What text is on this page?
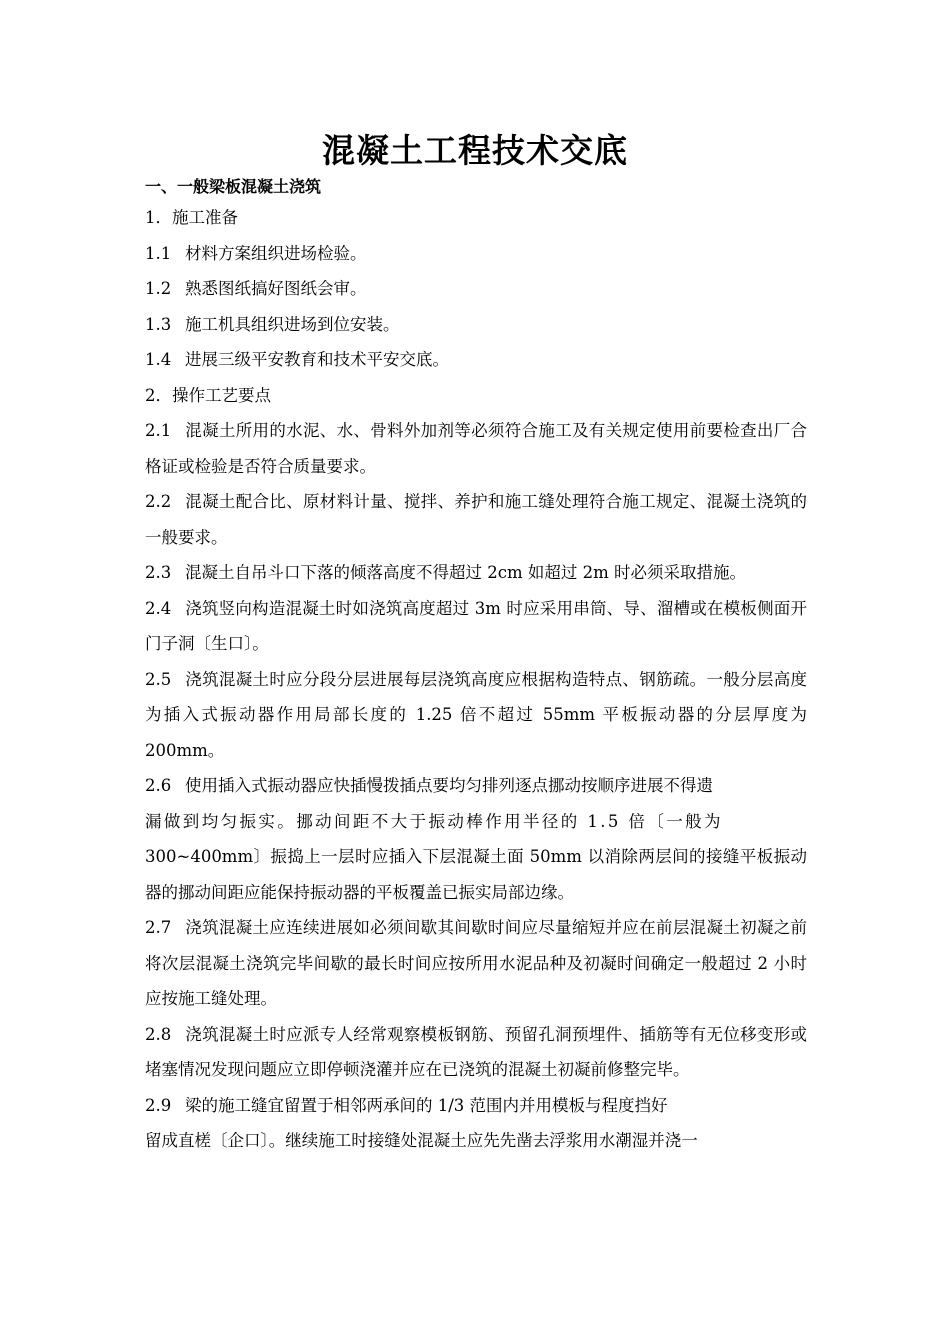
混凝土工程技术交底
一、一般梁板混凝土浇筑

1．施工准备

1.1 材料方案组织进场检验。

1.2 熟悉图纸搞好图纸会审。

1.3 施工机具组织进场到位安装。

1.4 进展三级平安教育和技术平安交底。

2．操作工艺要点

2.1 混凝土所用的水泥、水、骨料外加剂等必须符合施工及有关规定使用前要检查出厂合格证或检验是否符合质量要求。

2.2 混凝土配合比、原材料计量、搅拌、养护和施工缝处理符合施工规定、混凝土浇筑的一般要求。

2.3 混凝土自吊斗口下落的倾落高度不得超过 2cm 如超过 2m 时必须采取措施。

2.4 浇筑竖向构造混凝土时如浇筑高度超过 3m 时应采用串筒、导、溜槽或在模板侧面开门子洞〔生口〕。

2.5 浇筑混凝土时应分段分层进展每层浇筑高度应根据构造特点、钢筋疏。一般分层高度为插入式振动器作用局部长度的 1.25 倍不超过 55mm 平板振动器的分层厚度为 200mm。

2.6 使用插入式振动器应快插慢拨插点要均匀排列逐点挪动按顺序进展不得遗

漏做到均匀振实。挪动间距不大于振动棒作用半径的 1.5 倍〔一般为

300~400mm〕振捣上一层时应插入下层混凝土面 50mm 以消除两层间的接缝平板振动器的挪动间距应能保持振动器的平板覆盖已振实局部边缘。

2.7 浇筑混凝土应连续进展如必须间歇其间歇时间应尽量缩短并应在前层混凝土初凝之前将次层混凝土浇筑完毕间歇的最长时间应按所用水泥品种及初凝时间确定一般超过 2 小时应按施工缝处理。

2.8 浇筑混凝土时应派专人经常观察模板钢筋、预留孔洞预埋件、插筋等有无位移变形或堵塞情况发现问题应立即停顿浇灌并应在已浇筑的混凝土初凝前修整完毕。

2.9 梁的施工缝宜留置于相邻两承间的 1/3 范围内并用模板与程度挡好

留成直槎〔企口〕。继续施工时接缝处混凝土应先先凿去浮浆用水潮湿并浇一
